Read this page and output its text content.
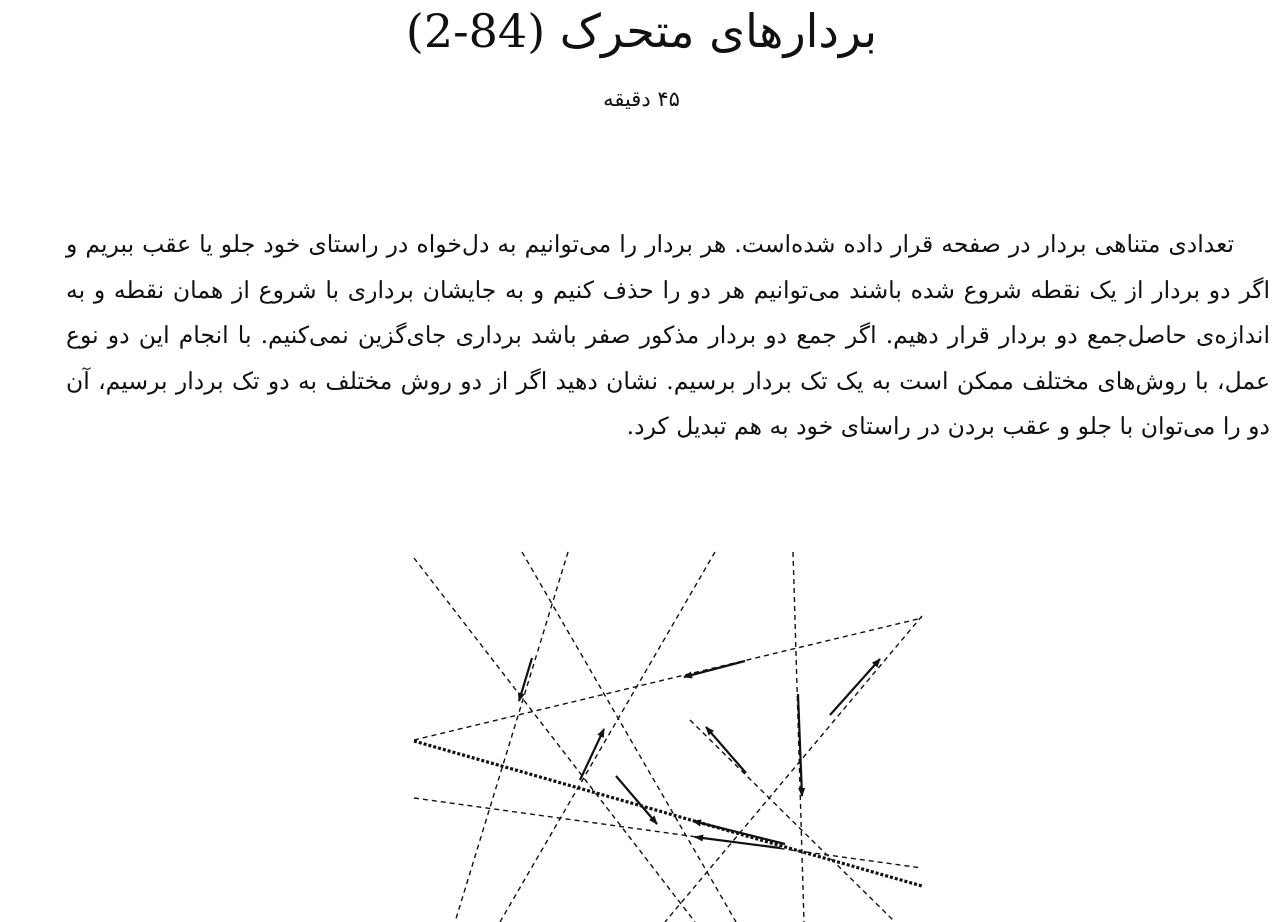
بردارهای متحرک (84-2)
۴۵ دقیقه

تعدادی متناهی بردار در صفحه قرار داده شده‌است. هر بردار را می‌توانیم به دل‌خواه در راستای خود جلو یا عقب ببریم و اگر دو بردار از یک نقطه شروع شده باشند می‌توانیم هر دو را حذف کنیم و به جایشان برداری با شروع از همان نقطه و به اندازه‌ی حاصل‌جمع دو بردار قرار دهیم. اگر جمع دو بردار مذکور صفر باشد برداری جای‌گزین نمی‌کنیم. با انجام این دو نوع عمل، با روش‌های مختلف ممکن است به یک تک بردار برسیم. نشان دهید اگر از دو روش مختلف به دو تک بردار برسیم، آن دو را می‌توان با جلو و عقب بردن در راستای خود به هم تبدیل کرد.
